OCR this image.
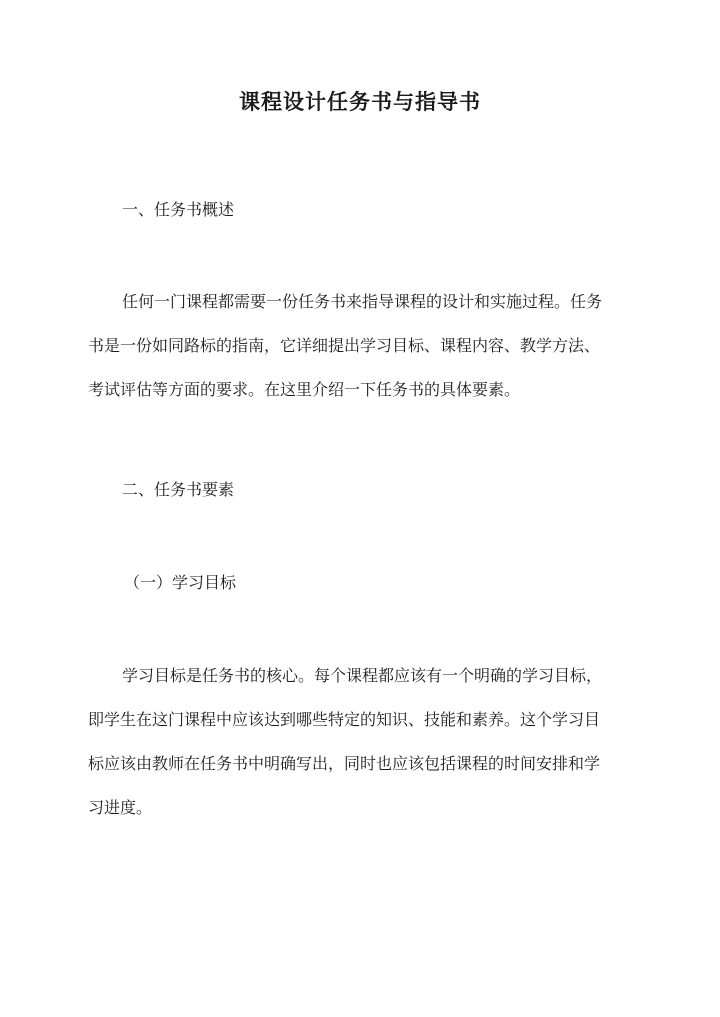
课程设计任务书与指导书
一、任务书概述
任何一门课程都需要一份任务书来指导课程的设计和实施过程。任务
书是一份如同路标的指南，它详细提出学习目标、课程内容、教学方法、
考试评估等方面的要求。在这里介绍一下任务书的具体要素。
二、任务书要素
（一）学习目标
学习目标是任务书的核心。每个课程都应该有一个明确的学习目标，
即学生在这门课程中应该达到哪些特定的知识、技能和素养。这个学习目
标应该由教师在任务书中明确写出，同时也应该包括课程的时间安排和学
习进度。
